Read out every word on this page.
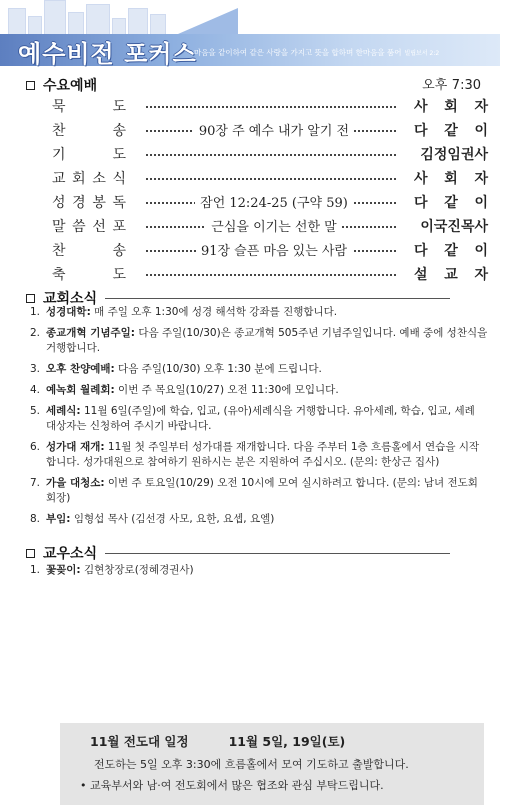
예수비전 포커스
마음을 같이하여 같은 사랑을 가지고 뜻을 합하며 한마음을 품어 빌립보서 2:2
수요예배	오후 7:30
묵	도	사 회 자
찬	송	90장 주 예수 내가 알기 전	다 같 이
기	도	김정임권사
교 회 소 식	사 회 자
성 경 봉 독	잠언 12:24-25 (구약 59)	다 같 이
말 씀 선 포	근심을 이기는 선한 말	이국진목사
찬	송	91장 슬픈 마음 있는 사람	다 같 이
축	도	설 교 자
교회소식
1. 성경대학: 매 주일 오후 1:30에 성경 해석학 강좌를 진행합니다.
2. 종교개혁 기념주일: 다음 주일(10/30)은 종교개혁 505주년 기념주일입니다. 예배 중에 성찬식을 거행합니다.
3. 오후 찬양예배: 다음 주일(10/30) 오후 1:30 분에 드립니다.
4. 예녹회 월례회: 이번 주 목요일(10/27) 오전 11:30에 모입니다.
5. 세례식: 11월 6일(주일)에 학습, 입교, (유아)세례식을 거행합니다. 유아세례, 학습, 입교, 세례 대상자는 신청하여 주시기 바랍니다.
6. 성가대 재개: 11월 첫 주일부터 성가대를 재개합니다. 다음 주부터 1층 흐름홀에서 연습을 시작합니다. 성가대원으로 참여하기 원하시는 분은 지원하여 주십시오. (문의: 한상근 집사)
7. 가을 대청소: 이번 주 토요일(10/29) 오전 10시에 모여 실시하려고 합니다. (문의: 남녀 전도회 회장)
8. 부임: 임형섭 목사 (김선경 사모, 요한, 요셉, 요엘)
교우소식
1. 꽃꽂이: 김현창장로(정혜경권사)
11월 전도대 일정	11월 5일, 19일(토)
전도하는 5일 오후 3:30에 흐름홀에서 모여 기도하고 출발합니다.
• 교육부서와 남·여 전도회에서 많은 협조와 관심 부탁드립니다.
